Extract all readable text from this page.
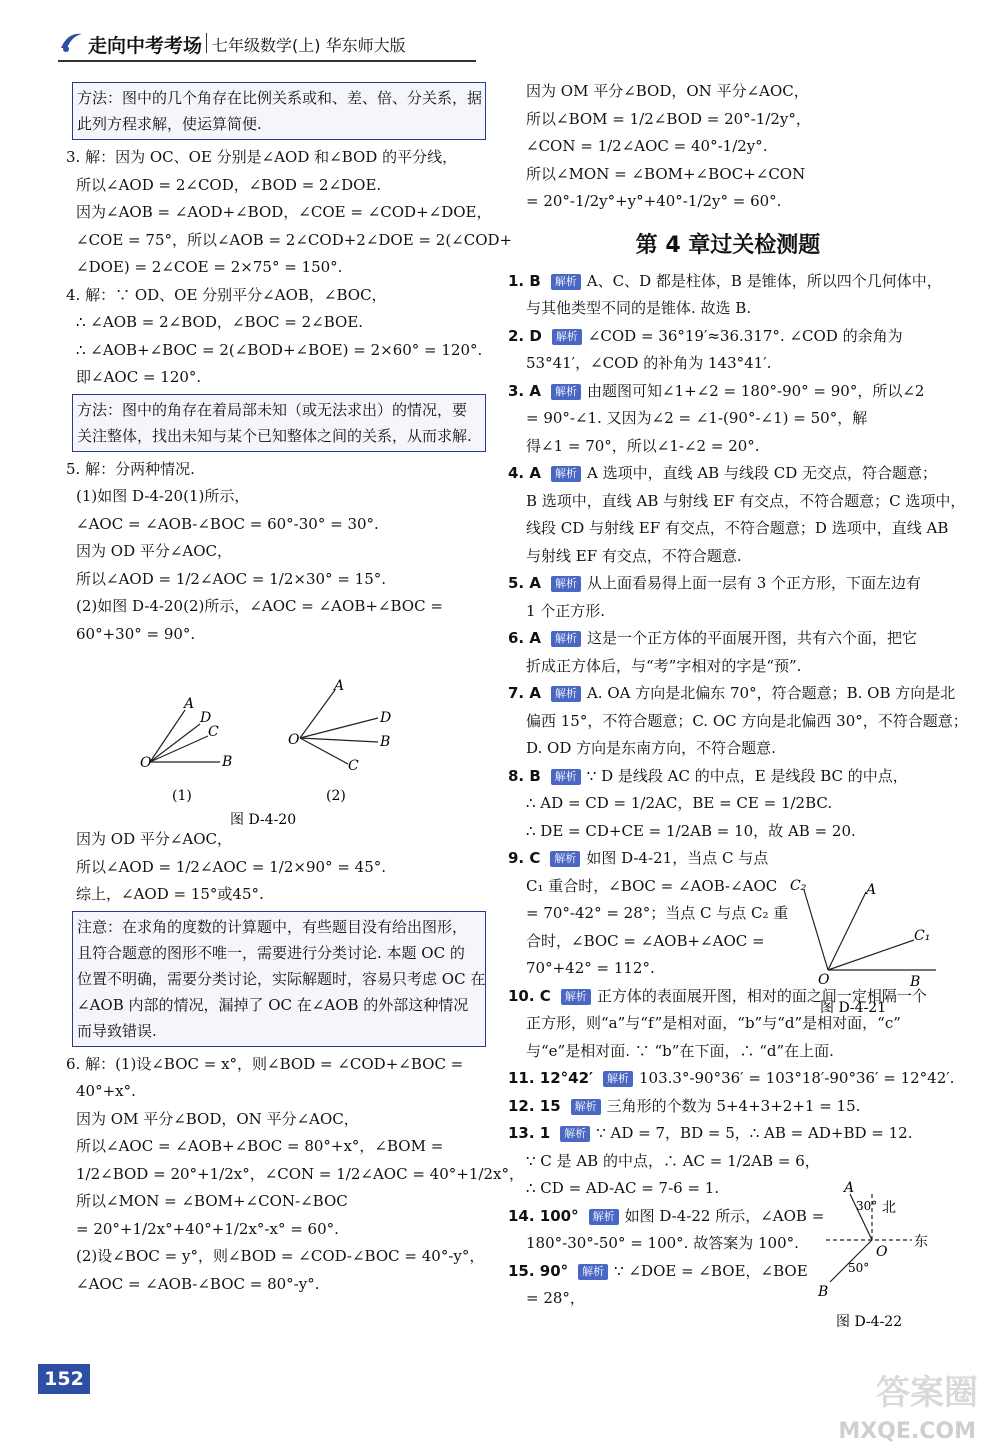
走向中考考场 七年级数学(上) 华东师大版
方法：图中的几个角存在比例关系或和、差、倍、分关系，据
此列方程求解，使运算简便.
3. 解：因为 OC、OE 分别是∠AOD 和∠BOD 的平分线，
所以∠AOD = 2∠COD，∠BOD = 2∠DOE.
因为∠AOB = ∠AOD+∠BOD，∠COE = ∠COD+∠DOE，
∠COE = 75°，所以∠AOB = 2∠COD+2∠DOE = 2(∠COD+
∠DOE) = 2∠COE = 2×75° = 150°.
4. 解：∵ OD、OE 分别平分∠AOB，∠BOC，
∴ ∠AOB = 2∠BOD，∠BOC = 2∠BOE.
∴ ∠AOB+∠BOC = 2(∠BOD+∠BOE) = 2×60° = 120°.
即∠AOC = 120°.
方法：图中的角存在着局部未知（或无法求出）的情况，要
关注整体，找出未知与某个已知整体之间的关系，从而求解.
5. 解：分两种情况.
(1)如图 D-4-20(1)所示，
∠AOC = ∠AOB-∠BOC = 60°-30° = 30°.
因为 OD 平分∠AOC，
所以∠AOD = 1/2∠AOC = 1/2×30° = 15°.
(2)如图 D-4-20(2)所示，∠AOC = ∠AOB+∠BOC =
60°+30° = 90°.
因为 OD 平分∠AOC，
所以∠AOD = 1/2∠AOC = 1/2×90° = 45°.
综上，∠AOD = 15°或45°.
注意：在求角的度数的计算题中，有些题目没有给出图形，
且符合题意的图形不唯一，需要进行分类讨论. 本题 OC 的
位置不明确，需要分类讨论，实际解题时，容易只考虑 OC 在
∠AOB 内部的情况，漏掉了 OC 在∠AOB 的外部这种情况
而导致错误.
6. 解：(1)设∠BOC = x°，则∠BOD = ∠COD+∠BOC =
40°+x°.
因为 OM 平分∠BOD，ON 平分∠AOC，
所以∠AOC = ∠AOB+∠BOC = 80°+x°，∠BOM =
1/2∠BOD = 20°+1/2x°，∠CON = 1/2∠AOC = 40°+1/2x°，
所以∠MON = ∠BOM+∠CON-∠BOC
= 20°+1/2x°+40°+1/2x°-x° = 60°.
(2)设∠BOC = y°，则∠BOD = ∠COD-∠BOC = 40°-y°，
∠AOC = ∠AOB-∠BOC = 80°-y°.
O
A
D
C
B
(1)
O
A
D
B
C
(2)
图 D-4-20
因为 OM 平分∠BOD，ON 平分∠AOC，
所以∠BOM = 1/2∠BOD = 20°-1/2y°，
∠CON = 1/2∠AOC = 40°-1/2y°.
所以∠MON = ∠BOM+∠BOC+∠CON
= 20°-1/2y°+y°+40°-1/2y° = 60°.
第 4 章过关检测题
1. B 解析 A、C、D 都是柱体，B 是锥体，所以四个几何体中，
与其他类型不同的是锥体. 故选 B.
2. D 解析 ∠COD = 36°19′≈36.317°. ∠COD 的余角为
53°41′，∠COD 的补角为 143°41′.
3. A 解析 由题图可知∠1+∠2 = 180°-90° = 90°，所以∠2
= 90°-∠1. 又因为∠2 = ∠1-(90°-∠1) = 50°，解
得∠1 = 70°，所以∠1-∠2 = 20°.
4. A 解析 A 选项中，直线 AB 与线段 CD 无交点，符合题意；
B 选项中，直线 AB 与射线 EF 有交点，不符合题意；C 选项中，
线段 CD 与射线 EF 有交点，不符合题意；D 选项中，直线 AB
与射线 EF 有交点，不符合题意.
5. A 解析 从上面看易得上面一层有 3 个正方形，下面左边有
1 个正方形.
6. A 解析 这是一个正方体的平面展开图，共有六个面，把它
折成正方体后，与“考”字相对的字是“预”.
7. A 解析 A. OA 方向是北偏东 70°，符合题意；B. OB 方向是北
偏西 15°，不符合题意；C. OC 方向是北偏西 30°，不符合题意；
D. OD 方向是东南方向，不符合题意.
8. B 解析 ∵ D 是线段 AC 的中点，E 是线段 BC 的中点，
∴ AD = CD = 1/2AC，BE = CE = 1/2BC.
∴ DE = CD+CE = 1/2AB = 10，故 AB = 20.
9. C 解析 如图 D-4-21，当点 C 与点
C₁ 重合时，∠BOC = ∠AOB-∠AOC
= 70°-42° = 28°；当点 C 与点 C₂ 重
合时，∠BOC = ∠AOB+∠AOC =
70°+42° = 112°.
10. C 解析 正方体的表面展开图，相对的面之间一定相隔一个
正方形，则“a”与“f”是相对面，“b”与“d”是相对面，“c”
与“e”是相对面. ∵ “b”在下面，∴ “d”在上面.
11. 12°42′ 解析 103.3°-90°36′ = 103°18′-90°36′ = 12°42′.
12. 15 解析 三角形的个数为 5+4+3+2+1 = 15.
13. 1 解析 ∵ AD = 7，BD = 5，∴ AB = AD+BD = 12.
∵ C 是 AB 的中点，∴ AC = 1/2AB = 6，
∴ CD = AD-AC = 7-6 = 1.
14. 100° 解析 如图 D-4-22 所示，∠AOB =
180°-30°-50° = 100°. 故答案为 100°.
15. 90° 解析 ∵ ∠DOE = ∠BOE，∠BOE
= 28°，
C₂	A
C₁
O	B
图 D-4-21
A
30° 北
东
O
50°
B
图 D-4-22
152	答案圈
MXQE.COM
